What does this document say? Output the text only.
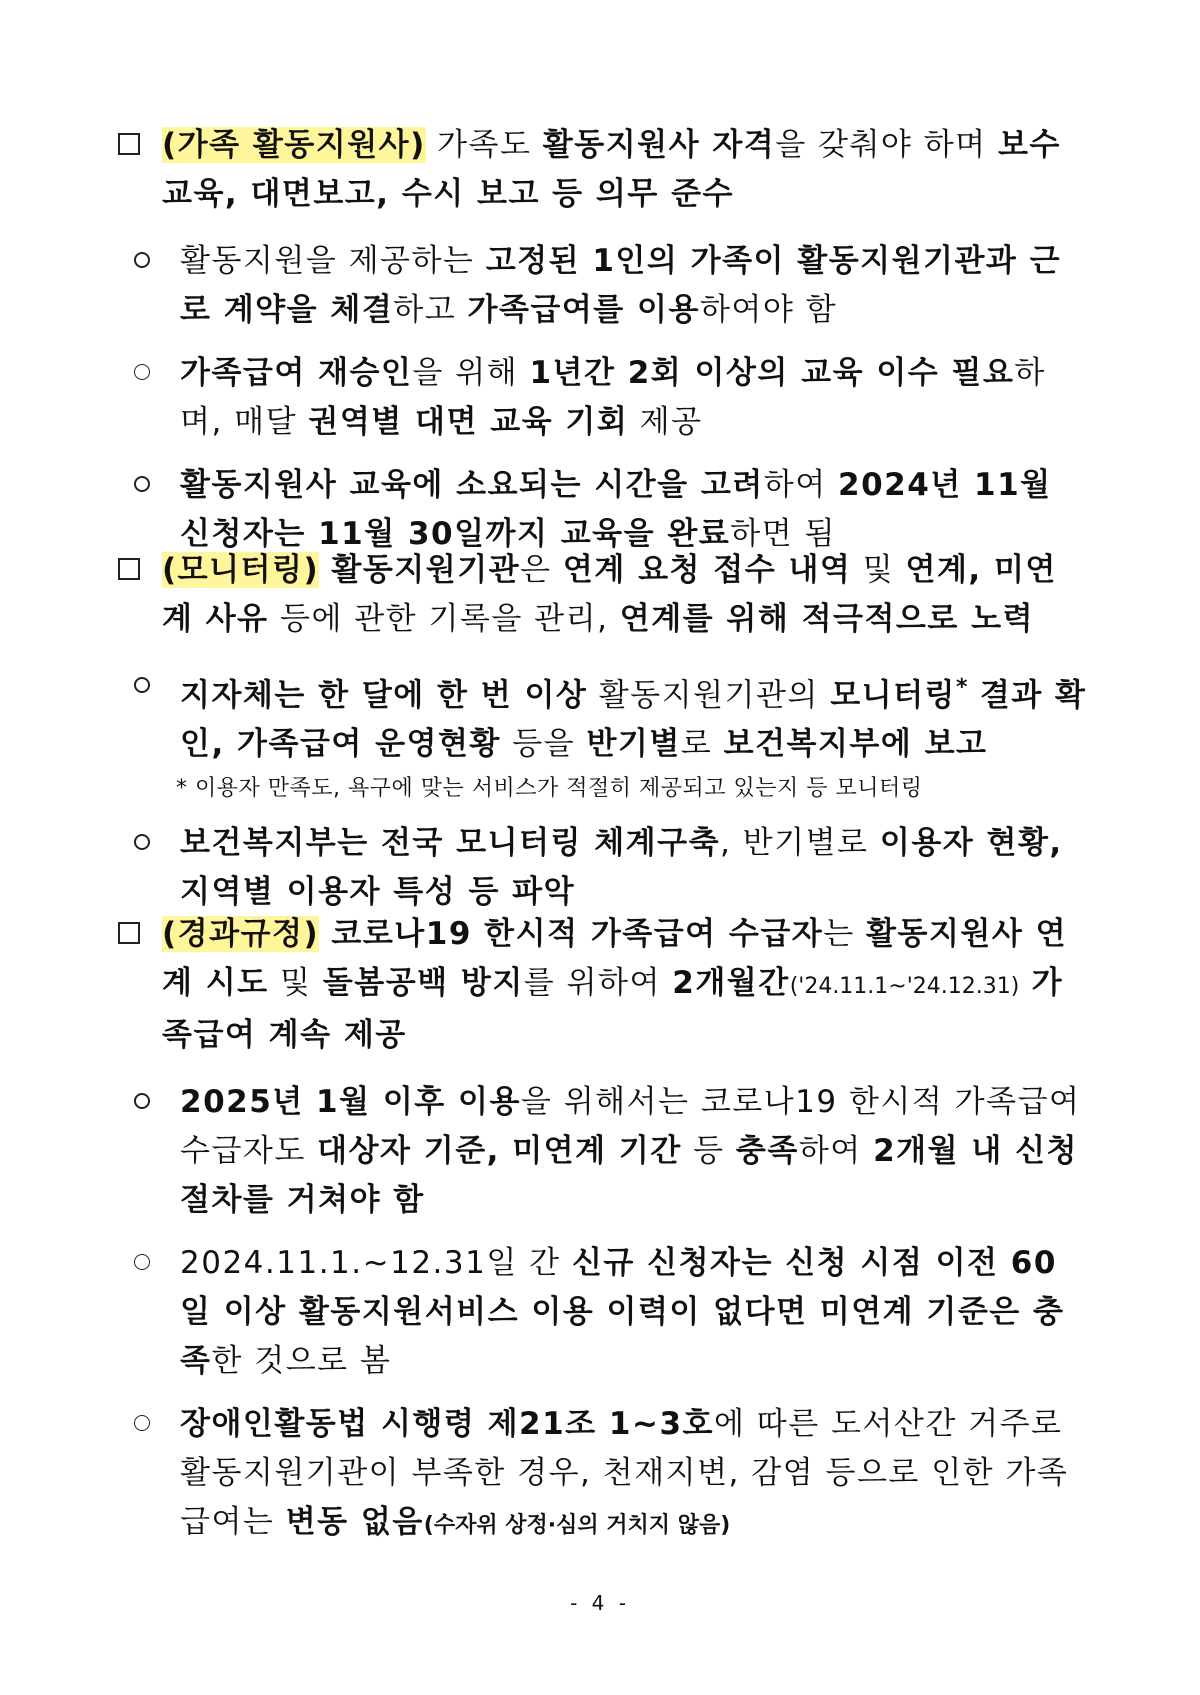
(가족 활동지원사) 가족도 활동지원사 자격을 갖춰야 하며 보수 교육, 대면보고, 수시 보고 등 의무 준수
활동지원을 제공하는 고정된 1인의 가족이 활동지원기관과 근로 계약을 체결하고 가족급여를 이용하여야 함
가족급여 재승인을 위해 1년간 2회 이상의 교육 이수 필요하며, 매달 권역별 대면 교육 기회 제공
활동지원사 교육에 소요되는 시간을 고려하여 2024년 11월 신청자는 11월 30일까지 교육을 완료하면 됨
(모니터링) 활동지원기관은 연계 요청 접수 내역 및 연계, 미연계 사유 등에 관한 기록을 관리, 연계를 위해 적극적으로 노력
지자체는 한 달에 한 번 이상 활동지원기관의 모니터링* 결과 확인, 가족급여 운영현황 등을 반기별로 보건복지부에 보고
* 이용자 만족도, 욕구에 맞는 서비스가 적절히 제공되고 있는지 등 모니터링
보건복지부는 전국 모니터링 체계구축, 반기별로 이용자 현황, 지역별 이용자 특성 등 파악
(경과규정) 코로나19 한시적 가족급여 수급자는 활동지원사 연계 시도 및 돌봄공백 방지를 위하여 2개월간('24.11.1~'24.12.31) 가족급여 계속 제공
2025년 1월 이후 이용을 위해서는 코로나19 한시적 가족급여 수급자도 대상자 기준, 미연계 기간 등 충족하여 2개월 내 신청 절차를 거쳐야 함
2024.11.1.~12.31일 간 신규 신청자는 신청 시점 이전 60일 이상 활동지원서비스 이용 이력이 없다면 미연계 기준은 충족한 것으로 봄
장애인활동법 시행령 제21조 1~3호에 따른 도서산간 거주로 활동지원기관이 부족한 경우, 천재지변, 감염 등으로 인한 가족급여는 변동 없음(수자위 상정·심의 거치지 않음)
- 4 -
